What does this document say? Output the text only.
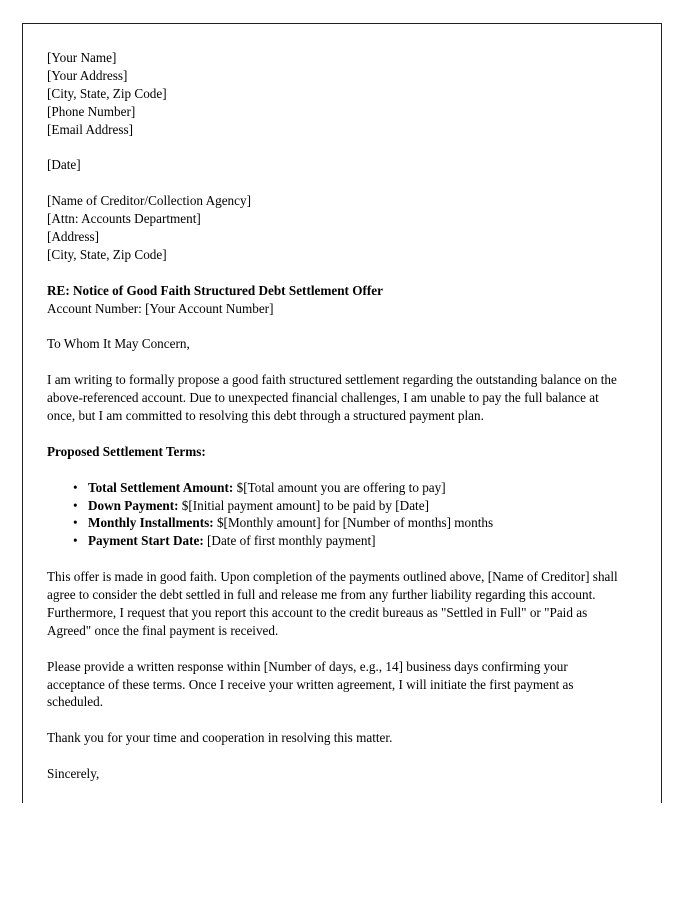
[Your Name]
[Your Address]
[City, State, Zip Code]
[Phone Number]
[Email Address]
[Date]
[Name of Creditor/Collection Agency]
[Attn: Accounts Department]
[Address]
[City, State, Zip Code]
RE: Notice of Good Faith Structured Debt Settlement Offer
Account Number: [Your Account Number]

To Whom It May Concern,

I am writing to formally propose a good faith structured settlement regarding the outstanding balance on the above-referenced account. Due to unexpected financial challenges, I am unable to pay the full balance at once, but I am committed to resolving this debt through a structured payment plan.

Proposed Settlement Terms:

• Total Settlement Amount: $[Total amount you are offering to pay]
• Down Payment: $[Initial payment amount] to be paid by [Date]
• Monthly Installments: $[Monthly amount] for [Number of months] months
• Payment Start Date: [Date of first monthly payment]

This offer is made in good faith. Upon completion of the payments outlined above, [Name of Creditor] shall agree to consider the debt settled in full and release me from any further liability regarding this account. Furthermore, I request that you report this account to the credit bureaus as "Settled in Full" or "Paid as Agreed" once the final payment is received.

Please provide a written response within [Number of days, e.g., 14] business days confirming your acceptance of these terms. Once I receive your written agreement, I will initiate the first payment as scheduled.

Thank you for your time and cooperation in resolving this matter.

Sincerely,
